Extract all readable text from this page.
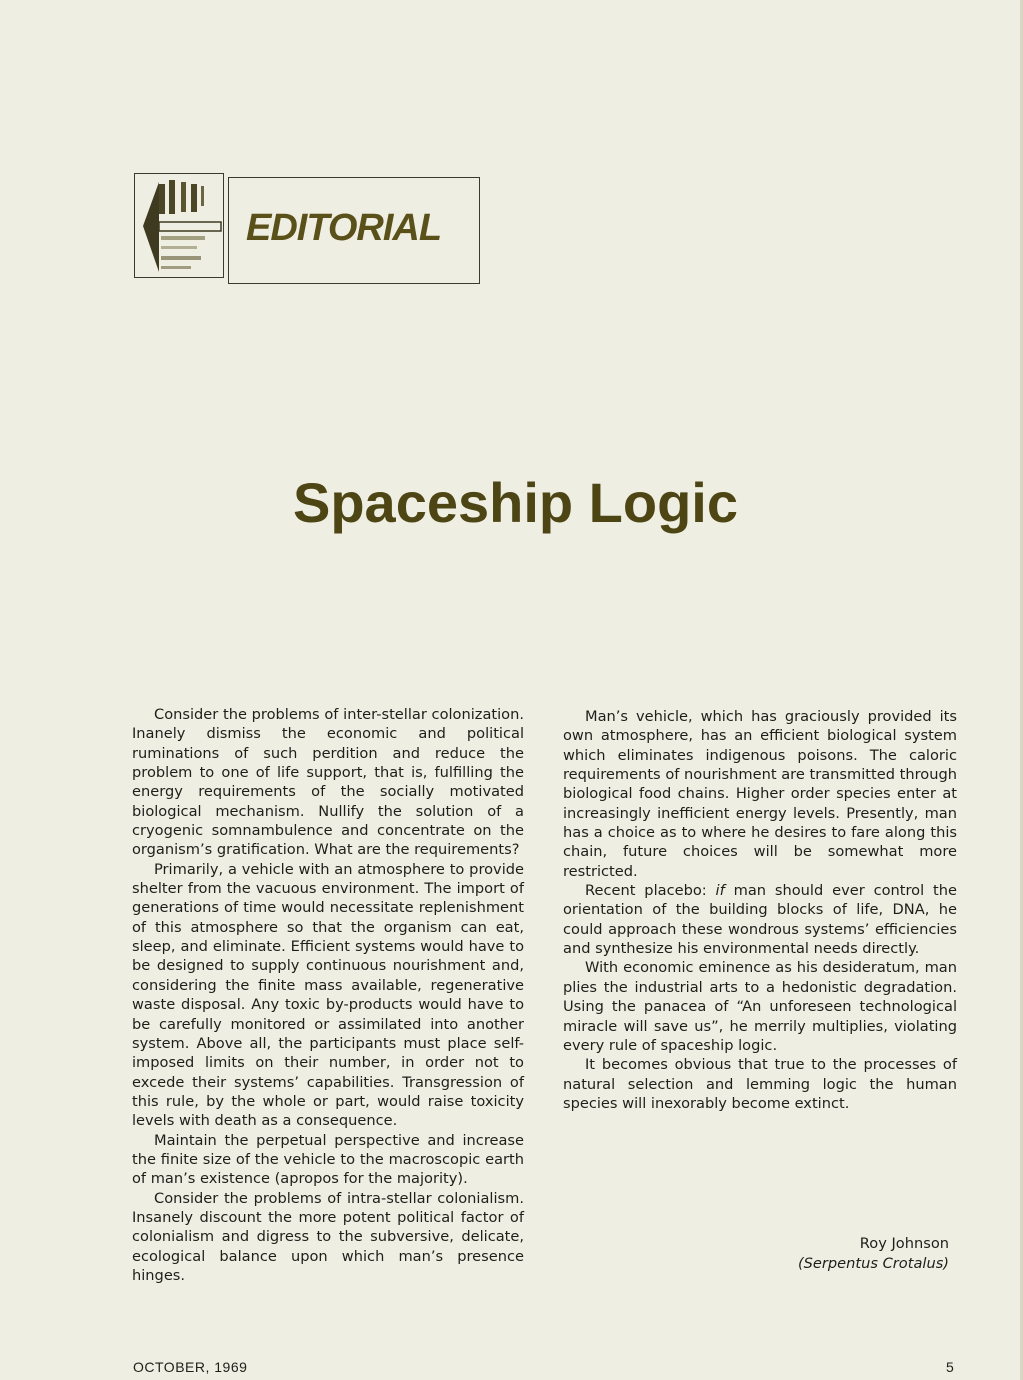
EDITORIAL
Spaceship Logic

Consider the problems of inter-stellar colonization. Inanely dismiss the economic and political ruminations of such perdition and reduce the problem to one of life support, that is, fulfilling the energy requirements of the socially motivated biological mechanism. Nullify the solution of a cryogenic somnambulence and concentrate on the organism’s gratification. What are the requirements?

Primarily, a vehicle with an atmosphere to provide shelter from the vacuous environment. The import of generations of time would necessitate replenishment of this atmosphere so that the organism can eat, sleep, and eliminate. Efficient systems would have to be designed to supply continuous nourishment and, considering the finite mass available, regenerative waste disposal. Any toxic by-products would have to be carefully monitored or assimilated into another system. Above all, the participants must place self-imposed limits on their number, in order not to excede their systems’ capabilities. Transgression of this rule, by the whole or part, would raise toxicity levels with death as a consequence.

Maintain the perpetual perspective and increase the finite size of the vehicle to the macroscopic earth of man’s existence (apropos for the majority).

Consider the problems of intra-stellar colonialism. Insanely discount the more potent political factor of colonialism and digress to the subversive, delicate, ecological balance upon which man’s presence hinges.

Man’s vehicle, which has graciously provided its own atmosphere, has an efficient biological system which eliminates indigenous poisons. The caloric requirements of nourishment are transmitted through biological food chains. Higher order species enter at increasingly inefficient energy levels. Presently, man has a choice as to where he desires to fare along this chain, future choices will be somewhat more restricted.

Recent placebo: if man should ever control the orientation of the building blocks of life, DNA, he could approach these wondrous systems’ efficiencies and synthesize his environmental needs directly.

With economic eminence as his desideratum, man plies the industrial arts to a hedonistic degradation. Using the panacea of “An unforeseen technological miracle will save us”, he merrily multiplies, violating every rule of spaceship logic.

It becomes obvious that true to the processes of natural selection and lemming logic the human species will inexorably become extinct.

Roy Johnson
(Serpentus Crotalus)
OCTOBER, 1969	5
